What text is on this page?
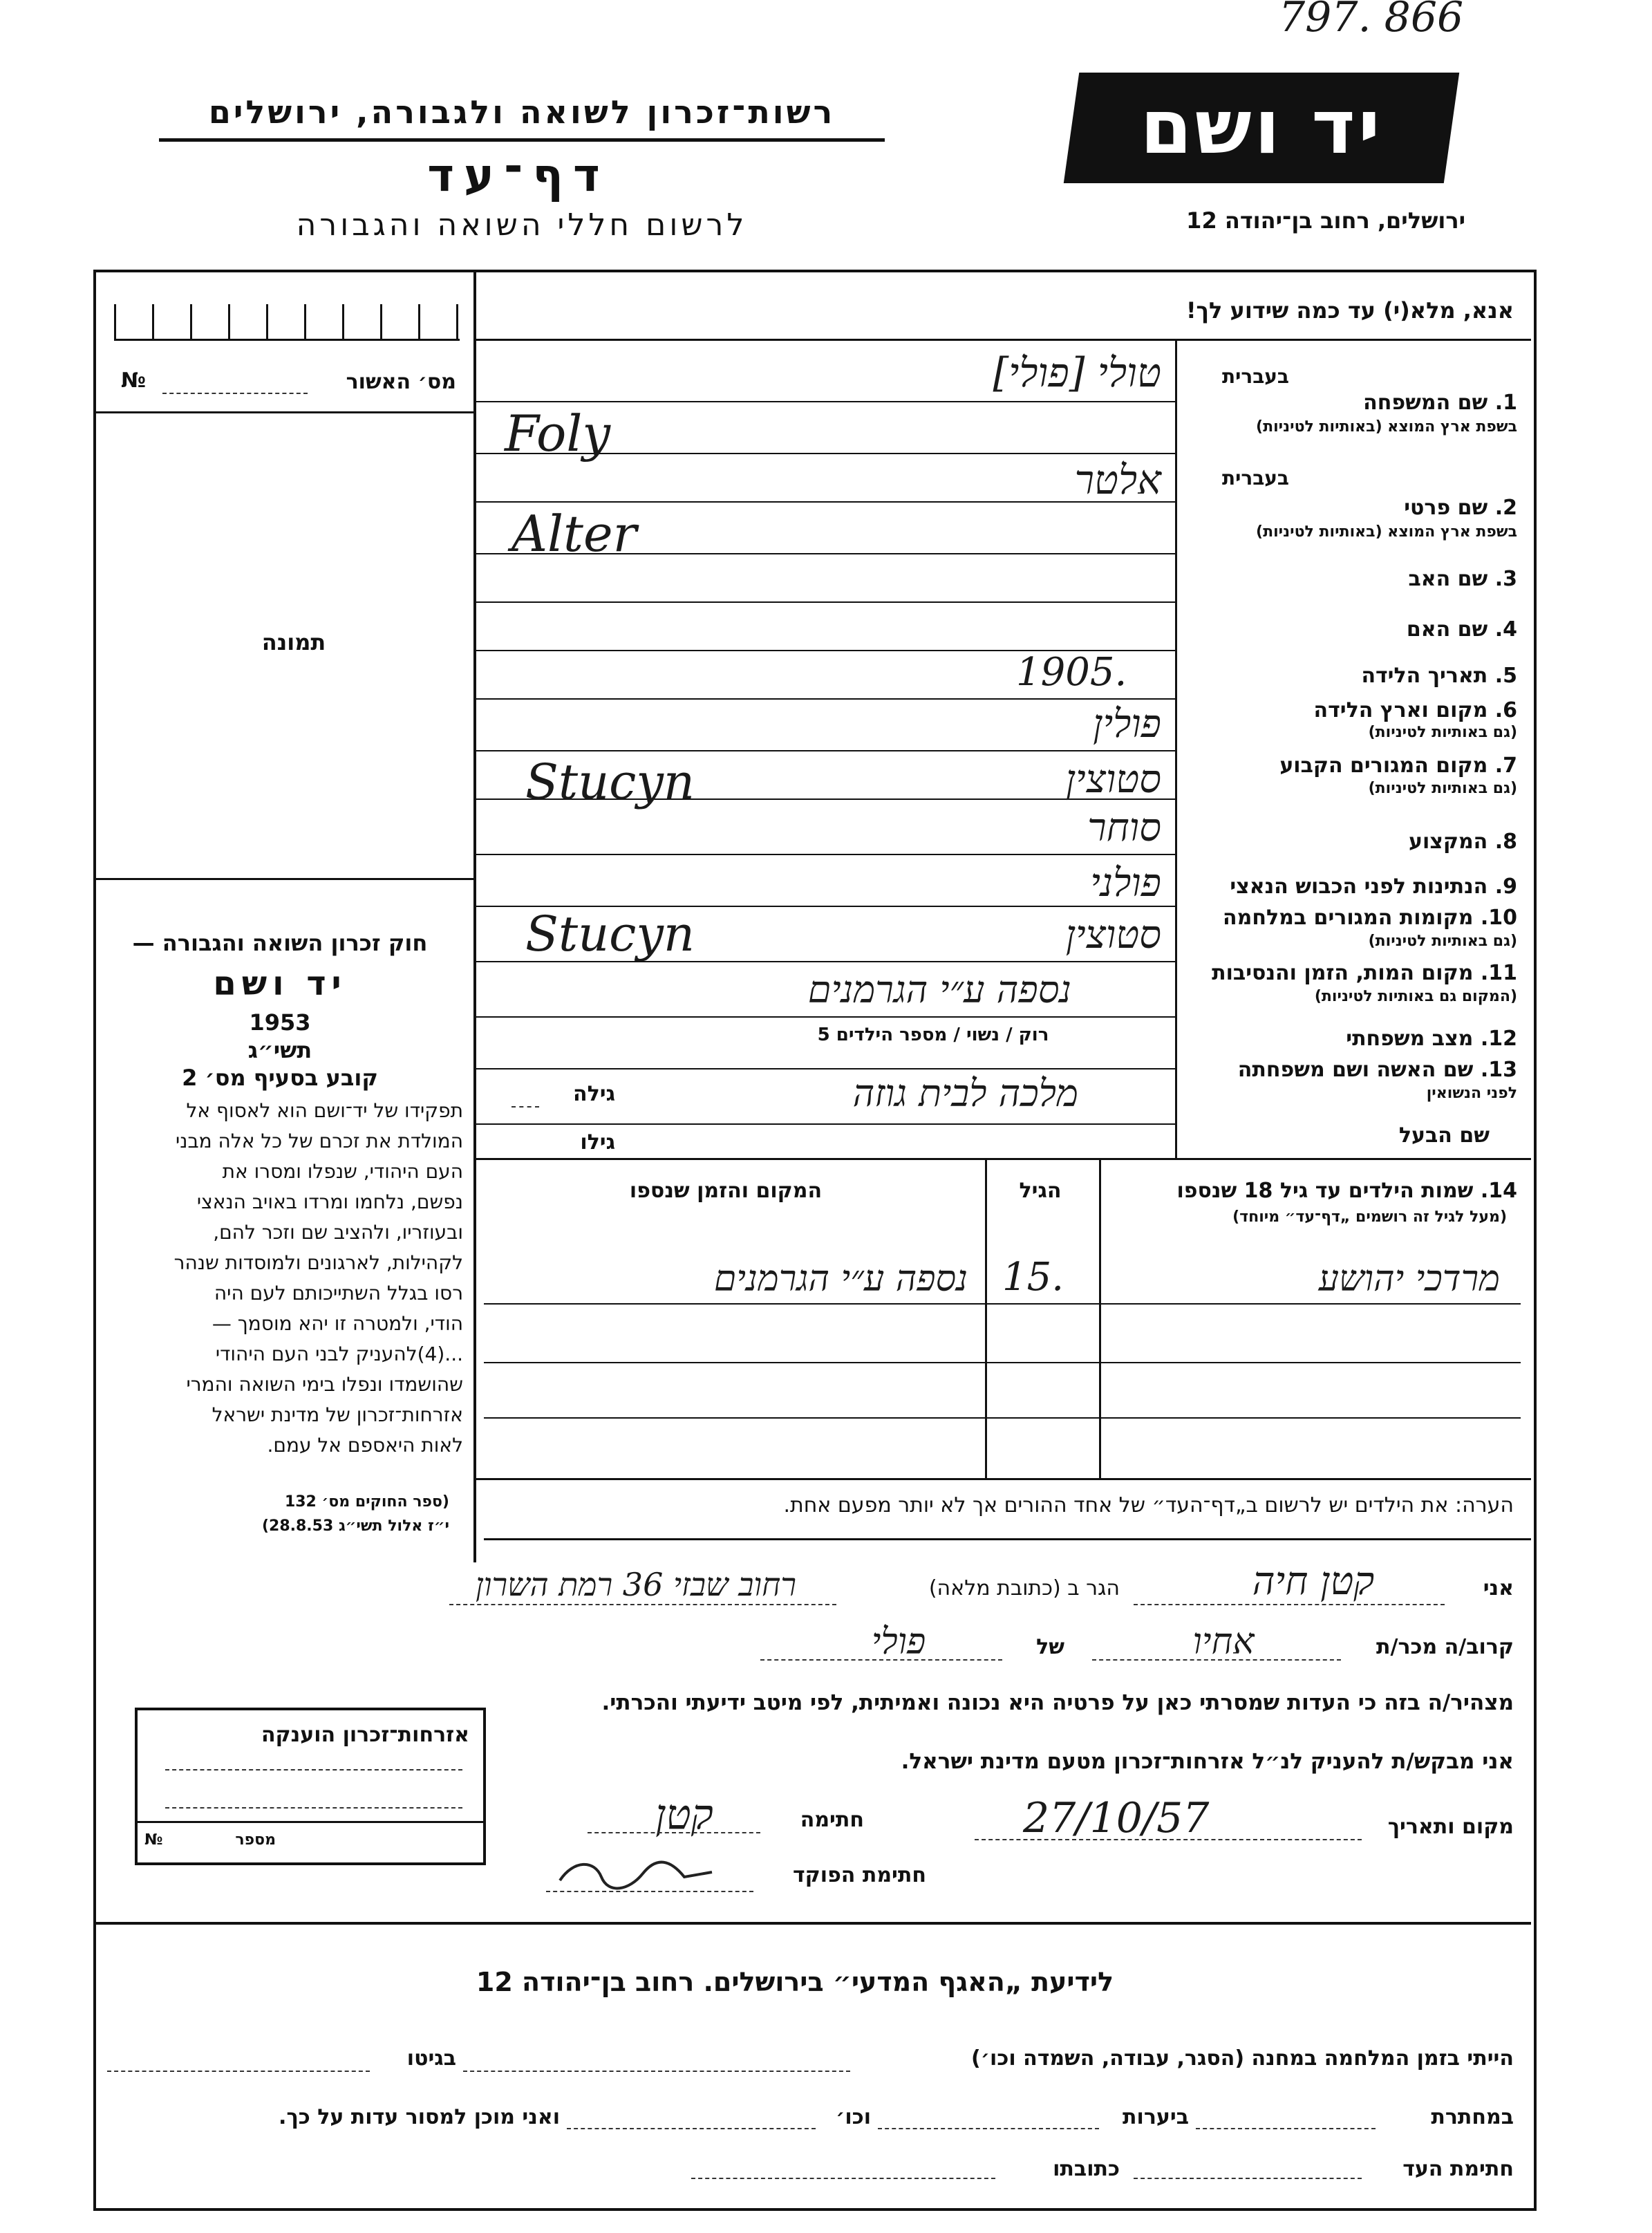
797. 866
רשות־זכרון לשואה ולגבורה, ירושלים
דף־עד
לרשום חללי השואה והגבורה
יד ושם
ירושלים, רחוב בן־יהודה 12
מס׳ האשור
№
תמונה
חוק זכרון השואה והגבורה —
יד ושם
1953
תשי״ג
קובע בסעיף מס׳ 2
תפקידו של יד־ושם הוא לאסוף אל
המולדת את זכרם של כל אלה מבני
העם היהודי, שנפלו ומסרו את
נפשם, נלחמו ומרדו באויב הנאצי
ובעוזריו, ולהציב שם וזכר להם,
לקהילות, לארגונים ולמוסדות שנהר
רסו בגלל השתייכותם לעם היה
הודי, ולמטרה זו יהא מוסמך —
...(4)להעניק לבני העם היהודי
שהושמדו ונפלו בימי השואה והמרי
אזרחות־זכרון של מדינת ישראל
לאות היאספם אל עמם.
(ספר החוקים מס׳ 132
י״ז אלול תשי״ג 28.8.53)
אנא, מלא(י) עד כמה שידוע לך!
בעברית
1. שם המשפחה
בשפת ארץ המוצא (באותיות לטיניות)
בעברית
2. שם פרטי
בשפת ארץ המוצא (באותיות לטיניות)
3. שם האב
4. שם האם
5. תאריך הלידה
6. מקום וארץ הלידה
(גם באותיות לטיניות)
7. מקום המגורים הקבוע
(גם באותיות לטיניות)
8. המקצוע
9. הנתינות לפני הכבוש הנאצי
10. מקומות המגורים במלחמה
(גם באותיות לטיניות)
11. מקום המות, הזמן והנסיבות
(המקום גם באותיות לטיניות)
12. מצב משפחתי
13. שם האשה ושם משפחתה
לפני הנשואין
שם הבעל
טולי [פולי]
Foly
אלטר
Alter
1905.
פולין
Stucyn	סטוצין
סוחר
פולני
Stucyn	סטוצין
נספה ע״י הגרמנים
רוק / נשוי / מספר הילדים 5
מלכה לבית גוזה
גילה
גילו
14. שמות הילדים עד גיל 18 שנספו
(מעל לגיל זה רושמים „דף־עד״ מיוחד)
הגיל
המקום והזמן שנספו
מרדכי יהושע
15.
נספה ע״י הגרמנים
הערה: את הילדים יש לרשום ב„דף־העד״ של אחד ההורים אך לא יותר מפעם אחת.
אני
קטן חיה
הגר ב (כתובת מלאה)
רחוב שבזי 36 רמת השרון
קרוב/ה מכר/ת
אחיו
של
פולי
מצהיר/ה בזה כי העדות שמסרתי כאן על פרטיה היא נכונה ואמיתית, לפי מיטב ידיעתי והכרתי.
אני מבקש/ת להעניק לנ״ל אזרחות־זכרון מטעם מדינת ישראל.
מקום ותאריך
27/10/57
חתימה
קטן
חתימת הפוקד
אזרחות־זכרון הוענקה
מספר
№
לידיעת „האגף המדעי״ בירושלים. רחוב בן־יהודה 12
הייתי בזמן המלחמה במחנה (הסגר, עבודה, השמדה וכו׳)
בגיטו
במחתרת
ביערות
וכו׳
ואני מוכן למסור עדות על כך.
חתימת העד
כתובתו
